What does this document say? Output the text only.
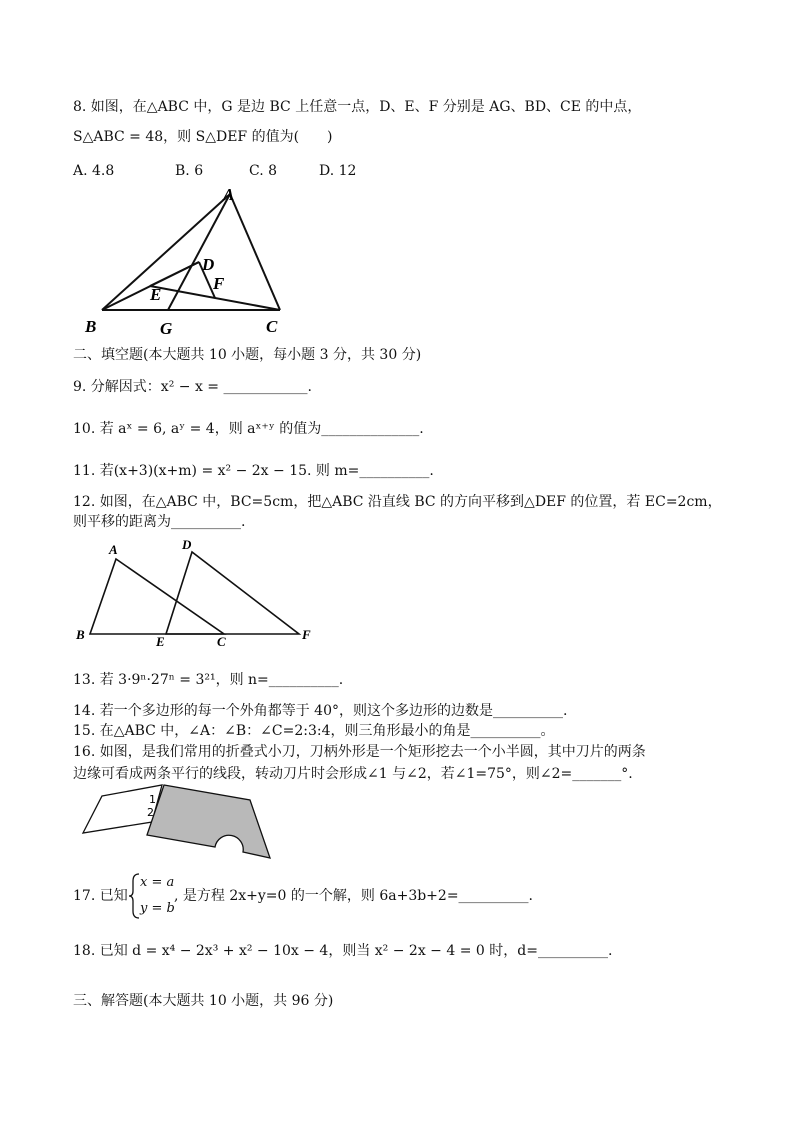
8. 如图，在△ABC 中，G 是边 BC 上任意一点，D、E、F 分别是 AG、BD、CE 的中点，
S△ABC = 48，则 S△DEF 的值为(　　)
A. 4.8	B. 6	C. 8	D. 12
A
B	C
D
E
F
G
二、填空题(本大题共 10 小题，每小题 3 分，共 30 分)
9. 分解因式：x² − x = ____________.
10. 若 aˣ = 6, aʸ = 4，则 aˣ⁺ʸ 的值为______________.
11. 若(x+3)(x+m) = x² − 2x − 15. 则 m=__________.
12. 如图，在△ABC 中，BC=5cm，把△ABC 沿直线 BC 的方向平移到△DEF 的位置，若 EC=2cm，
则平移的距离为__________.
A
B	C
D
E	F
13. 若 3·9ⁿ·27ⁿ = 3²¹，则 n=__________.
14. 若一个多边形的每一个外角都等于 40°，则这个多边形的边数是__________.
15. 在△ABC 中，∠A：∠B：∠C=2:3:4，则三角形最小的角是__________。
16. 如图，是我们常用的折叠式小刀，刀柄外形是一个矩形挖去一个小半圆，其中刀片的两条
边缘可看成两条平行的线段，转动刀片时会形成∠1 与∠2，若∠1=75°，则∠2=_______°.
1
2
17. 已知
x = a
y = b
, 是方程 2x+y=0 的一个解，则 6a+3b+2=__________.
18. 已知 d = x⁴ − 2x³ + x² − 10x − 4，则当 x² − 2x − 4 = 0 时，d=__________.
三、解答题(本大题共 10 小题，共 96 分)
